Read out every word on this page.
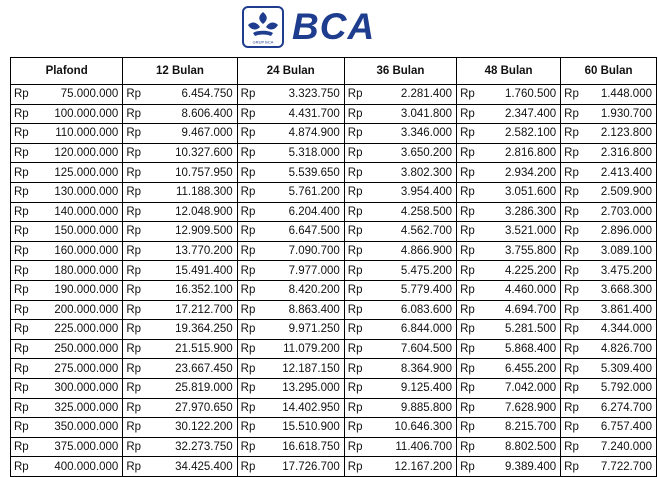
GRUP BCA BCA
Plafond		12 Bulan		24 Bulan		36 Bulan		48 Bulan		60 Bulan	
Rp	75.000.000	Rp	6.454.750	Rp	3.323.750	Rp	2.281.400	Rp	1.760.500	Rp	1.448.000
Rp	100.000.000	Rp	8.606.400	Rp	4.431.700	Rp	3.041.800	Rp	2.347.400	Rp	1.930.700
Rp	110.000.000	Rp	9.467.000	Rp	4.874.900	Rp	3.346.000	Rp	2.582.100	Rp	2.123.800
Rp	120.000.000	Rp	10.327.600	Rp	5.318.000	Rp	3.650.200	Rp	2.816.800	Rp	2.316.800
Rp	125.000.000	Rp	10.757.950	Rp	5.539.650	Rp	3.802.300	Rp	2.934.200	Rp	2.413.400
Rp	130.000.000	Rp	11.188.300	Rp	5.761.200	Rp	3.954.400	Rp	3.051.600	Rp	2.509.900
Rp	140.000.000	Rp	12.048.900	Rp	6.204.400	Rp	4.258.500	Rp	3.286.300	Rp	2.703.000
Rp	150.000.000	Rp	12.909.500	Rp	6.647.500	Rp	4.562.700	Rp	3.521.000	Rp	2.896.000
Rp	160.000.000	Rp	13.770.200	Rp	7.090.700	Rp	4.866.900	Rp	3.755.800	Rp	3.089.100
Rp	180.000.000	Rp	15.491.400	Rp	7.977.000	Rp	5.475.200	Rp	4.225.200	Rp	3.475.200
Rp	190.000.000	Rp	16.352.100	Rp	8.420.200	Rp	5.779.400	Rp	4.460.000	Rp	3.668.300
Rp	200.000.000	Rp	17.212.700	Rp	8.863.400	Rp	6.083.600	Rp	4.694.700	Rp	3.861.400
Rp	225.000.000	Rp	19.364.250	Rp	9.971.250	Rp	6.844.000	Rp	5.281.500	Rp	4.344.000
Rp	250.000.000	Rp	21.515.900	Rp	11.079.200	Rp	7.604.500	Rp	5.868.400	Rp	4.826.700
Rp	275.000.000	Rp	23.667.450	Rp	12.187.150	Rp	8.364.900	Rp	6.455.200	Rp	5.309.400
Rp	300.000.000	Rp	25.819.000	Rp	13.295.000	Rp	9.125.400	Rp	7.042.000	Rp	5.792.000
Rp	325.000.000	Rp	27.970.650	Rp	14.402.950	Rp	9.885.800	Rp	7.628.900	Rp	6.274.700
Rp	350.000.000	Rp	30.122.200	Rp	15.510.900	Rp	10.646.300	Rp	8.215.700	Rp	6.757.400
Rp	375.000.000	Rp	32.273.750	Rp	16.618.750	Rp	11.406.700	Rp	8.802.500	Rp	7.240.000
Rp	400.000.000	Rp	34.425.400	Rp	17.726.700	Rp	12.167.200	Rp	9.389.400	Rp	7.722.700
